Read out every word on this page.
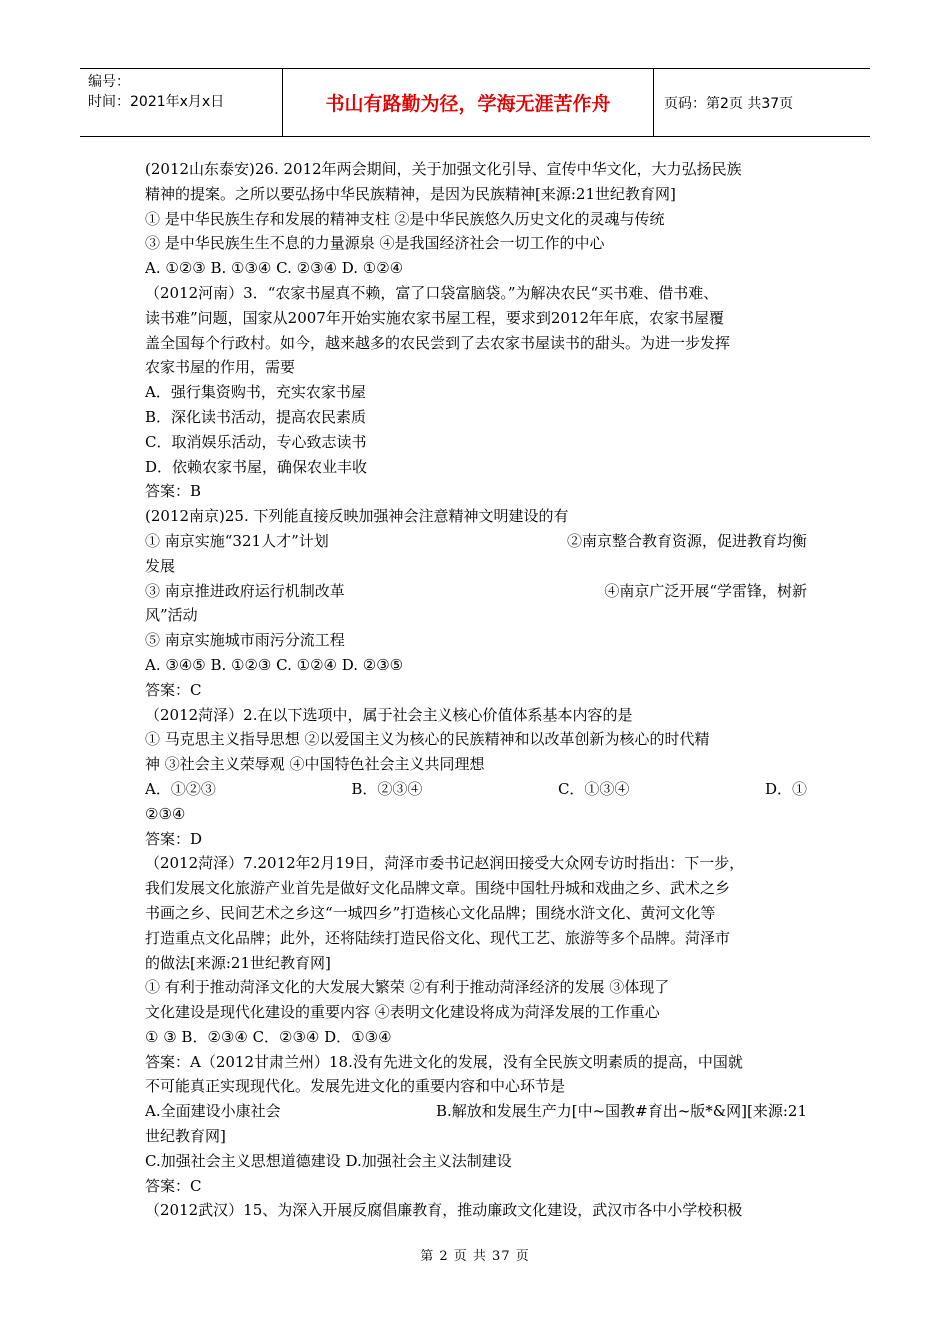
编号：
时间：2021年x月x日	书山有路勤为径，学海无涯苦作舟	页码：第2页 共37页
(2012山东泰安)26. 2012年两会期间，关于加强文化引导、宣传中华文化，大力弘扬民族
精神的提案。之所以要弘扬中华民族精神，是因为民族精神[来源:21世纪教育网]
① 是中华民族生存和发展的精神支柱 ②是中华民族悠久历史文化的灵魂与传统
③ 是中华民族生生不息的力量源泉 ④是我国经济社会一切工作的中心
A. ①②③ B. ①③④ C. ②③④ D. ①②④
（2012河南）3．“农家书屋真不赖，富了口袋富脑袋。”为解决农民“买书难、借书难、
读书难”问题，国家从2007年开始实施农家书屋工程，要求到2012年年底，农家书屋覆
盖全国每个行政村。如今，越来越多的农民尝到了去农家书屋读书的甜头。为进一步发挥
农家书屋的作用，需要
A．强行集资购书，充实农家书屋
B．深化读书活动，提高农民素质
C．取消娱乐活动，专心致志读书
D．依赖农家书屋，确保农业丰收
答案：B
(2012南京)25. 下列能直接反映加强神会注意精神文明建设的有
① 南京实施“321人才”计划	②南京整合教育资源，促进教育均衡
发展
③ 南京推进政府运行机制改革	④南京广泛开展“学雷锋，树新
风”活动
⑤ 南京实施城市雨污分流工程
A. ③④⑤ B. ①②③ C. ①②④ D. ②③⑤
答案：C
（2012菏泽）2.在以下选项中，属于社会主义核心价值体系基本内容的是
① 马克思主义指导思想 ②以爱国主义为核心的民族精神和以改革创新为核心的时代精
神 ③社会主义荣辱观 ④中国特色社会主义共同理想
A．①②③	B．②③④	C．①③④	D．①
②③④
答案：D
（2012菏泽）7.2012年2月19日，菏泽市委书记赵润田接受大众网专访时指出：下一步，
我们发展文化旅游产业首先是做好文化品牌文章。围绕中国牡丹城和戏曲之乡、武术之乡
书画之乡、民间艺术之乡这“一城四乡”打造核心文化品牌；围绕水浒文化、黄河文化等
打造重点文化品牌；此外，还将陆续打造民俗文化、现代工艺、旅游等多个品牌。菏泽市
的做法[来源:21世纪教育网]
① 有利于推动菏泽文化的大发展大繁荣 ②有利于推动菏泽经济的发展 ③体现了
文化建设是现代化建设的重要内容 ④表明文化建设将成为菏泽发展的工作重心
① ③ B．②③④ C．②③④ D．①③④
答案：A（2012甘肃兰州）18.没有先进文化的发展，没有全民族文明素质的提高，中国就
不可能真正实现现代化。发展先进文化的重要内容和中心环节是
A.全面建设小康社会	B.解放和发展生产力[中~国教#育出~版*&网][来源:21
世纪教育网]
C.加强社会主义思想道德建设 D.加强社会主义法制建设
答案：C
（2012武汉）15、为深入开展反腐倡廉教育，推动廉政文化建设，武汉市各中小学校积极
第 2 页 共 37 页
